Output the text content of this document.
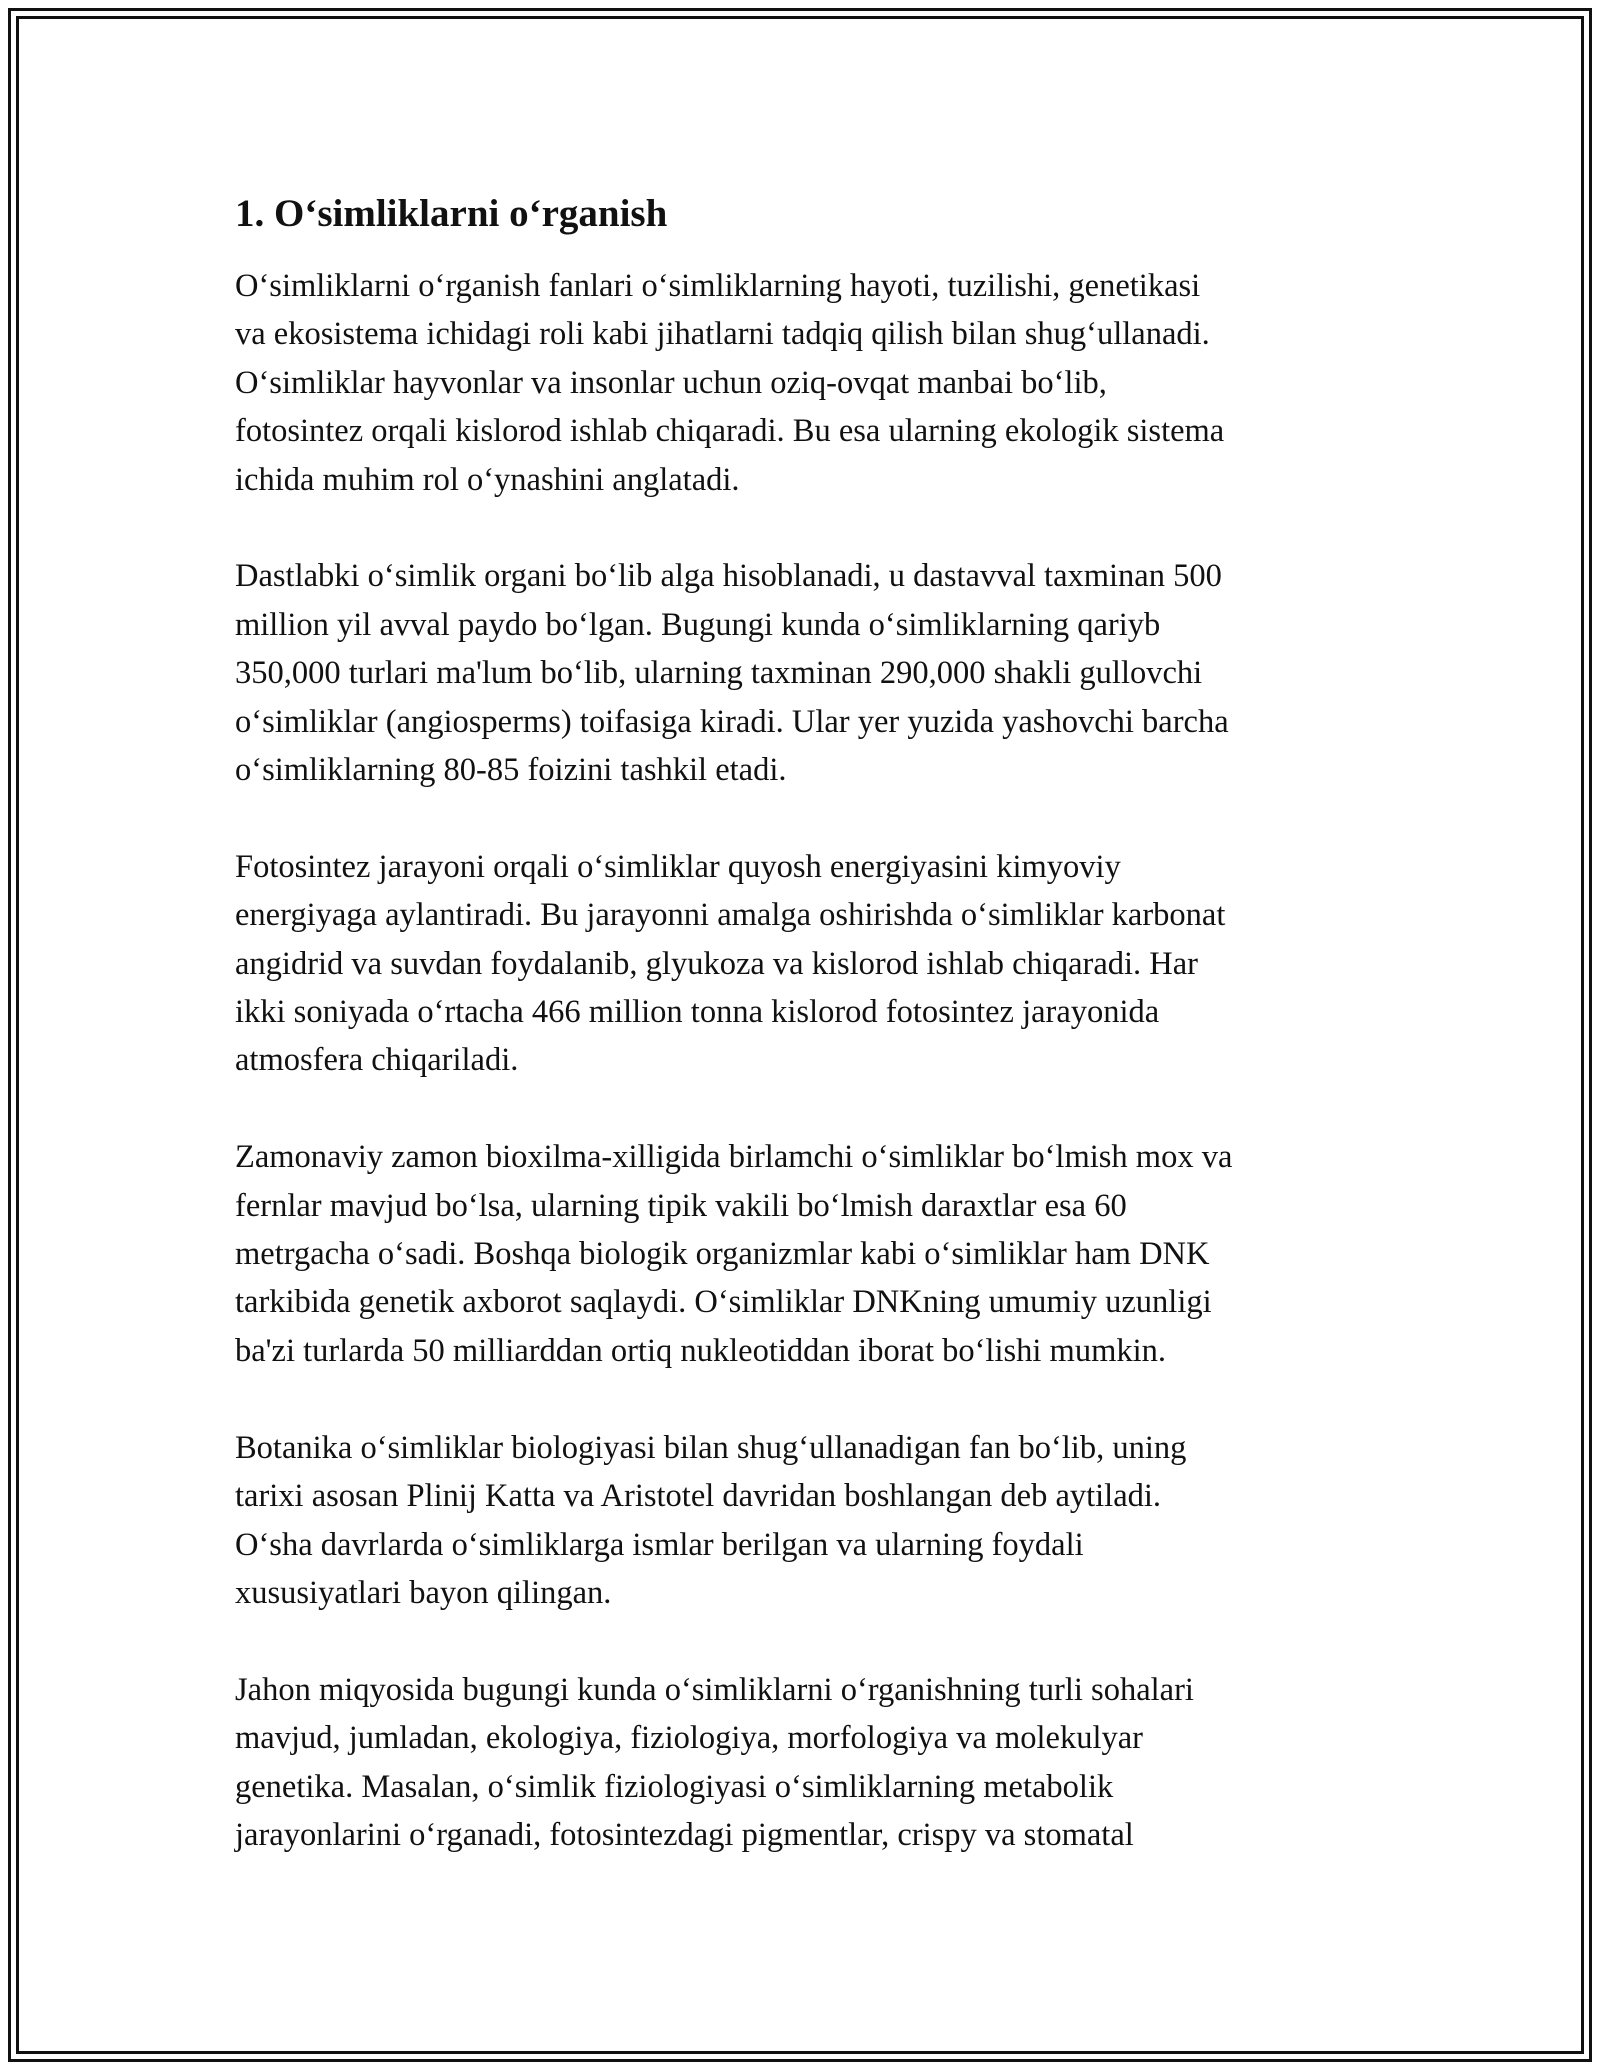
1. O‘simliklarni o‘rganish
O‘simliklarni o‘rganish fanlari o‘simliklarning hayoti, tuzilishi, genetikasi
va ekosistema ichidagi roli kabi jihatlarni tadqiq qilish bilan shug‘ullanadi.
O‘simliklar hayvonlar va insonlar uchun oziq-ovqat manbai bo‘lib,
fotosintez orqali kislorod ishlab chiqaradi. Bu esa ularning ekologik sistema
ichida muhim rol o‘ynashini anglatadi.
Dastlabki o‘simlik organi bo‘lib alga hisoblanadi, u dastavval taxminan 500
million yil avval paydo bo‘lgan. Bugungi kunda o‘simliklarning qariyb
350,000 turlari ma'lum bo‘lib, ularning taxminan 290,000 shakli gullovchi
o‘simliklar (angiosperms) toifasiga kiradi. Ular yer yuzida yashovchi barcha
o‘simliklarning 80-85 foizini tashkil etadi.
Fotosintez jarayoni orqali o‘simliklar quyosh energiyasini kimyoviy
energiyaga aylantiradi. Bu jarayonni amalga oshirishda o‘simliklar karbonat
angidrid va suvdan foydalanib, glyukoza va kislorod ishlab chiqaradi. Har
ikki soniyada o‘rtacha 466 million tonna kislorod fotosintez jarayonida
atmosfera chiqariladi.
Zamonaviy zamon bioxilma-xilligida birlamchi o‘simliklar bo‘lmish mox va
fernlar mavjud bo‘lsa, ularning tipik vakili bo‘lmish daraxtlar esa 60
metrgacha o‘sadi. Boshqa biologik organizmlar kabi o‘simliklar ham DNK
tarkibida genetik axborot saqlaydi. O‘simliklar DNKning umumiy uzunligi
ba'zi turlarda 50 milliarddan ortiq nukleotiddan iborat bo‘lishi mumkin.
Botanika o‘simliklar biologiyasi bilan shug‘ullanadigan fan bo‘lib, uning
tarixi asosan Plinij Katta va Aristotel davridan boshlangan deb aytiladi.
O‘sha davrlarda o‘simliklarga ismlar berilgan va ularning foydali
xususiyatlari bayon qilingan.
Jahon miqyosida bugungi kunda o‘simliklarni o‘rganishning turli sohalari
mavjud, jumladan, ekologiya, fiziologiya, morfologiya va molekulyar
genetika. Masalan, o‘simlik fiziologiyasi o‘simliklarning metabolik
jarayonlarini o‘rganadi, fotosintezdagi pigmentlar, crispy va stomatal
